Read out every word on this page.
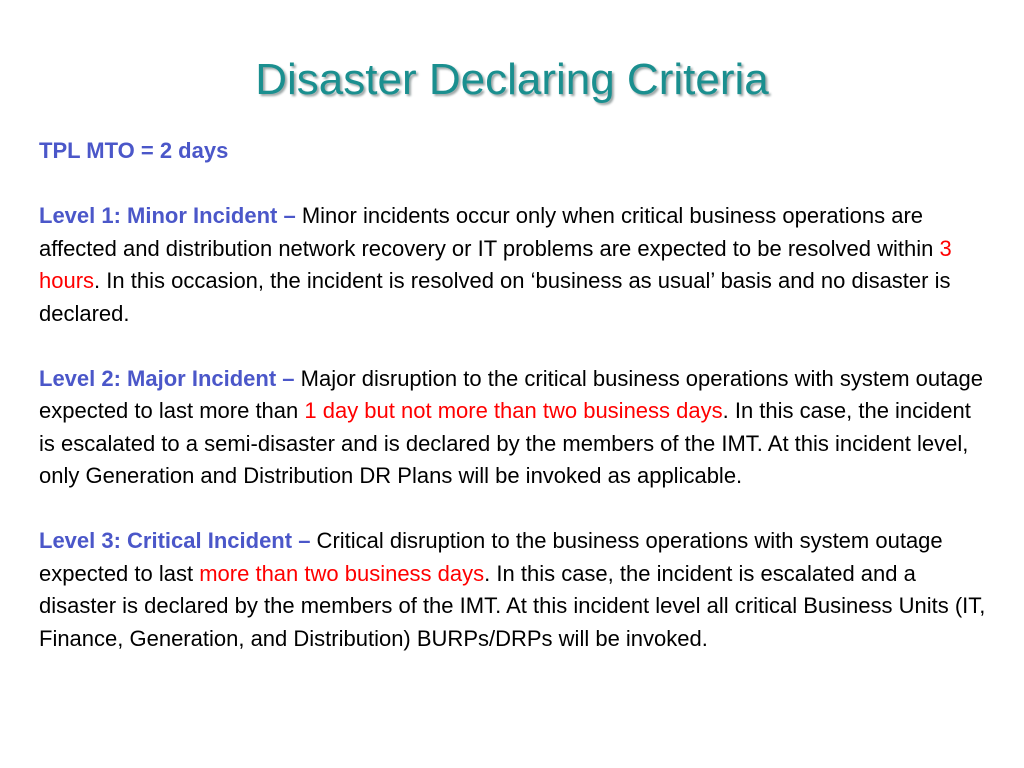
Disaster Declaring Criteria

TPL MTO = 2 days

Level 1: Minor Incident – Minor incidents occur only when critical business operations are affected and distribution network recovery or IT problems are expected to be resolved within 3 hours. In this occasion, the incident is resolved on ‘business as usual’ basis and no disaster is declared.

Level 2: Major Incident – Major disruption to the critical business operations with system outage expected to last more than 1 day but not more than two business days. In this case, the incident is escalated to a semi-disaster and is declared by the members of the IMT. At this incident level, only Generation and Distribution DR Plans will be invoked as applicable.

Level 3: Critical Incident – Critical disruption to the business operations with system outage expected to last more than two business days. In this case, the incident is escalated and a disaster is declared by the members of the IMT. At this incident level all critical Business Units (IT, Finance, Generation, and Distribution) BURPs/DRPs will be invoked.
